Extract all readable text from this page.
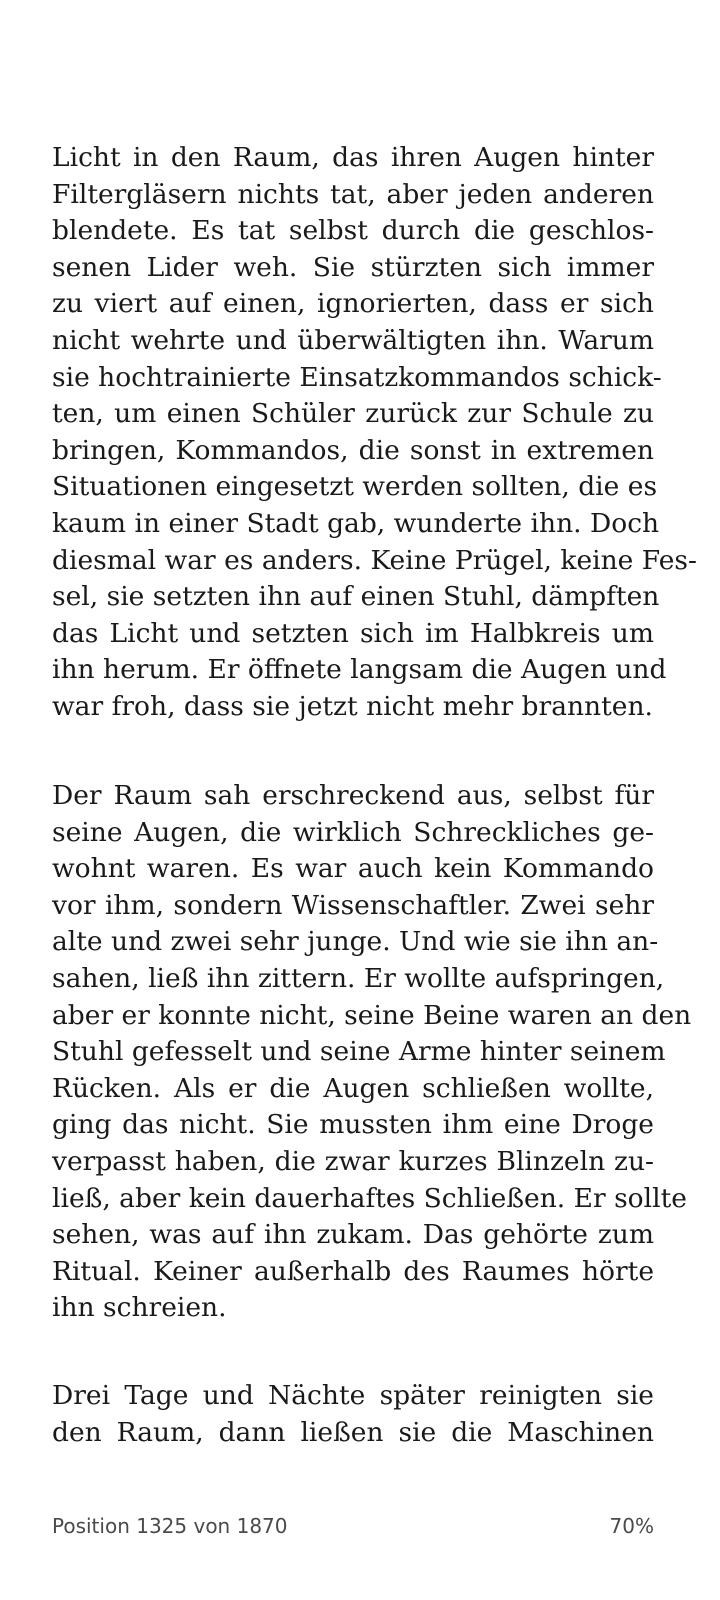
Licht in den Raum, das ihren Augen hinter
Filtergläsern nichts tat, aber jeden anderen
blendete. Es tat selbst durch die geschlos-
senen Lider weh. Sie stürzten sich immer
zu viert auf einen, ignorierten, dass er sich
nicht wehrte und überwältigten ihn. Warum
sie hochtrainierte Einsatzkommandos schick-
ten, um einen Schüler zurück zur Schule zu
bringen, Kommandos, die sonst in extremen
Situationen eingesetzt werden sollten, die es
kaum in einer Stadt gab, wunderte ihn. Doch
diesmal war es anders. Keine Prügel, keine Fes-
sel, sie setzten ihn auf einen Stuhl, dämpften
das Licht und setzten sich im Halbkreis um
ihn herum. Er öffnete langsam die Augen und
war froh, dass sie jetzt nicht mehr brannten.
Der Raum sah erschreckend aus, selbst für
seine Augen, die wirklich Schreckliches ge-
wohnt waren. Es war auch kein Kommando
vor ihm, sondern Wissenschaftler. Zwei sehr
alte und zwei sehr junge. Und wie sie ihn an-
sahen, ließ ihn zittern. Er wollte aufspringen,
aber er konnte nicht, seine Beine waren an den
Stuhl gefesselt und seine Arme hinter seinem
Rücken. Als er die Augen schließen wollte,
ging das nicht. Sie mussten ihm eine Droge
verpasst haben, die zwar kurzes Blinzeln zu-
ließ, aber kein dauerhaftes Schließen. Er sollte
sehen, was auf ihn zukam. Das gehörte zum
Ritual. Keiner außerhalb des Raumes hörte
ihn schreien.
Drei Tage und Nächte später reinigten sie
den Raum, dann ließen sie die Maschinen
Position 1325 von 1870	70%
